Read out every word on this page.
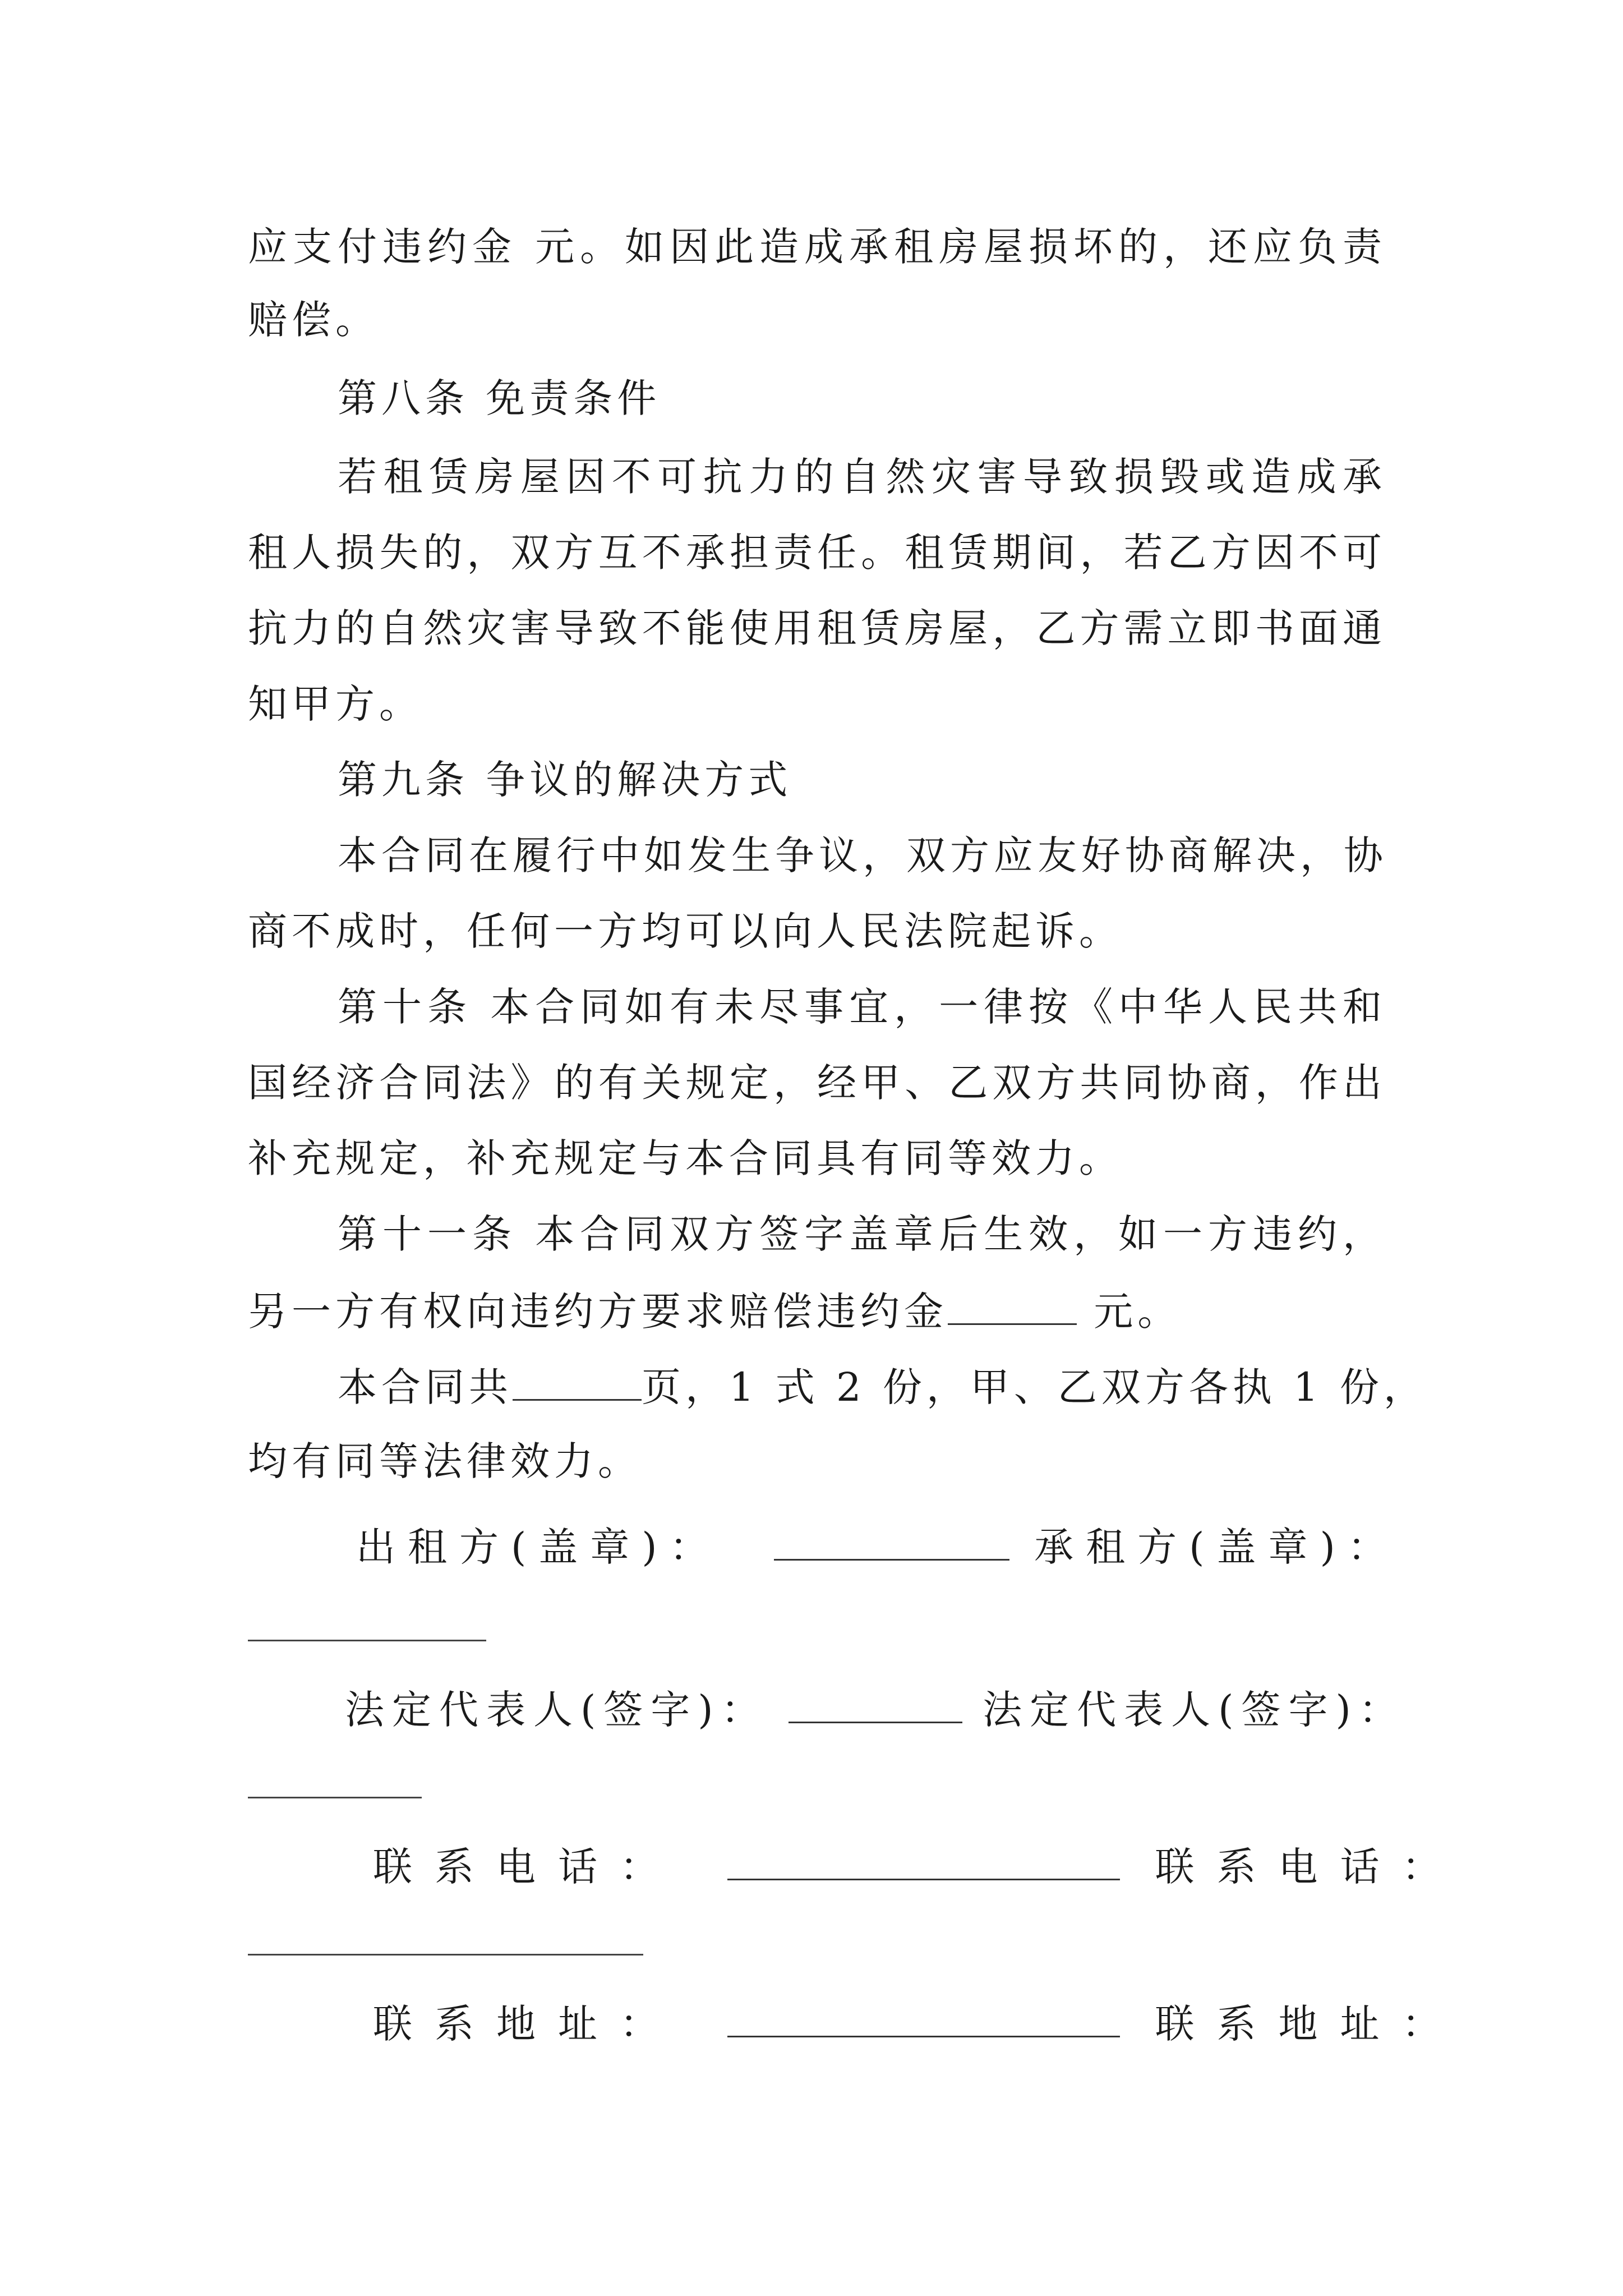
应支付违约金 元。如因此造成承租房屋损坏的，还应负责
赔偿。
第八条 免责条件
若租赁房屋因不可抗力的自然灾害导致损毁或造成承
租人损失的，双方互不承担责任。租赁期间，若乙方因不可
抗力的自然灾害导致不能使用租赁房屋，乙方需立即书面通
知甲方。
第九条 争议的解决方式
本合同在履行中如发生争议，双方应友好协商解决，协
商不成时，任何一方均可以向人民法院起诉。
第十条 本合同如有未尽事宜，一律按《中华人民共和
国经济合同法》的有关规定，经甲、乙双方共同协商，作出
补充规定，补充规定与本合同具有同等效力。
第十一条 本合同双方签字盖章后生效，如一方违约，
另一方有权向违约方要求赔偿违约金	元。
本合同共	页，1 式 2 份，甲、乙双方各执 1 份，
均有同等法律效力。
出租方(盖章)：	承租方(盖章)：
法定代表人(签字)：	法定代表人(签字)：
联系电话：	联系电话：
联系地址：	联系地址：
